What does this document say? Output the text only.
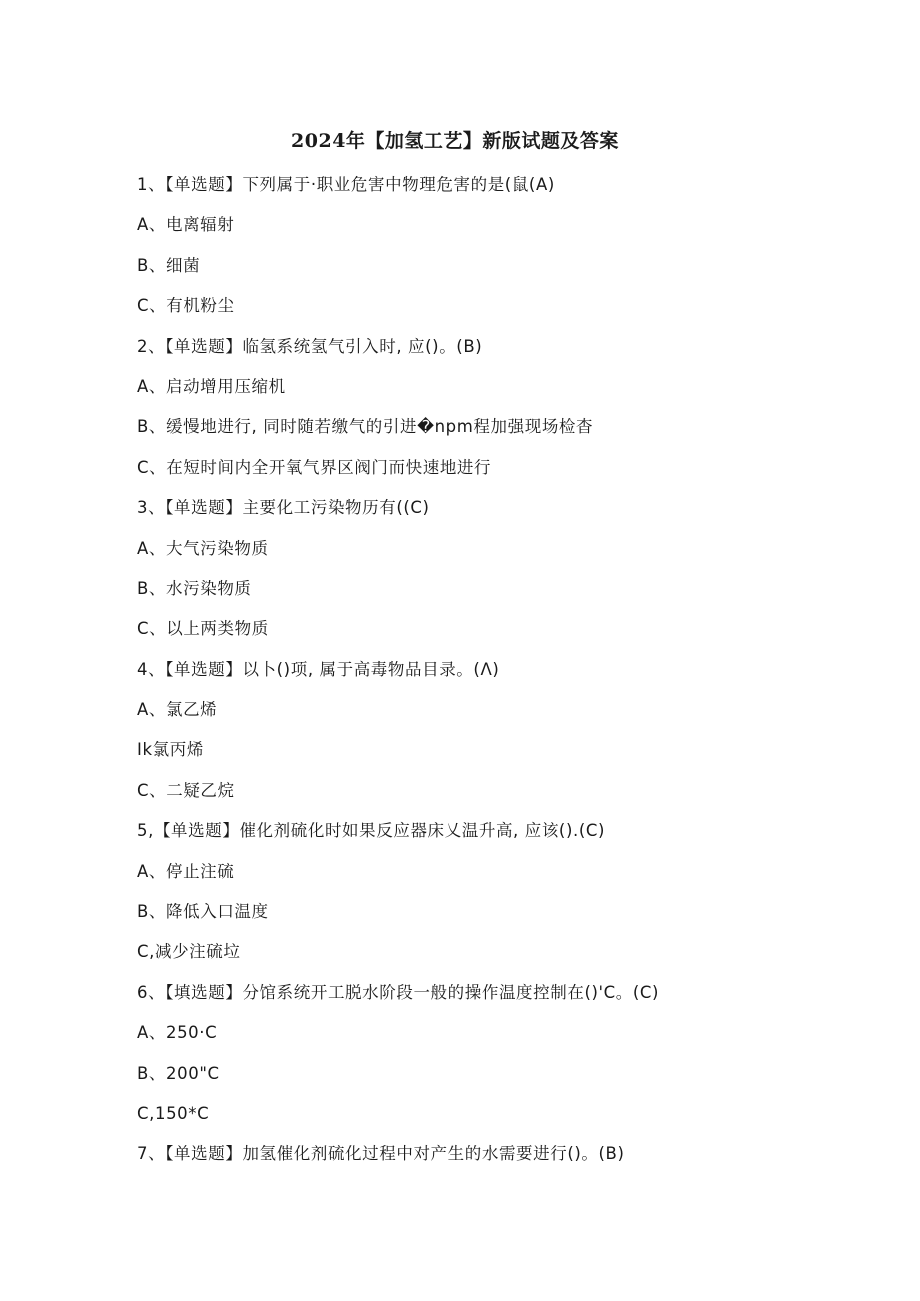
2024年【加氢工艺】新版试题及答案
1、【单选题】下列属于·职业危害中物理危害的是(鼠(A)
A、电离辐射
B、细菌
C、有机粉尘
2、【单选题】临氢系统氢气引入时, 应()。(B)
A、启动增用压缩机
B、缓慢地进行, 同时随若缴气的引进�npm程加强现场检杳
C、在短时间内全开氧气界区阀门而快速地进行
3、【单选题】主要化工污染物历有((C)
A、大气污染物质
B、水污染物质
C、以上两类物质
4、【单选题】以卜()项, 属于高毒物品目录。(Λ)
A、氯乙烯
Ik氯丙烯
C、二疑乙烷
5,【单选题】催化剂硫化时如果反应器床乂温升高, 应该().(C)
A、停止注硫
B、降低入口温度
C,减少注硫垃
6、【填选题】分馆系统开工脱水阶段一般的操作温度控制在()'C。(C)
A、250·C
B、200"C
C,150*C
7、【单选题】加氢催化剂硫化过程中对产生的水需要进行()。(B)
